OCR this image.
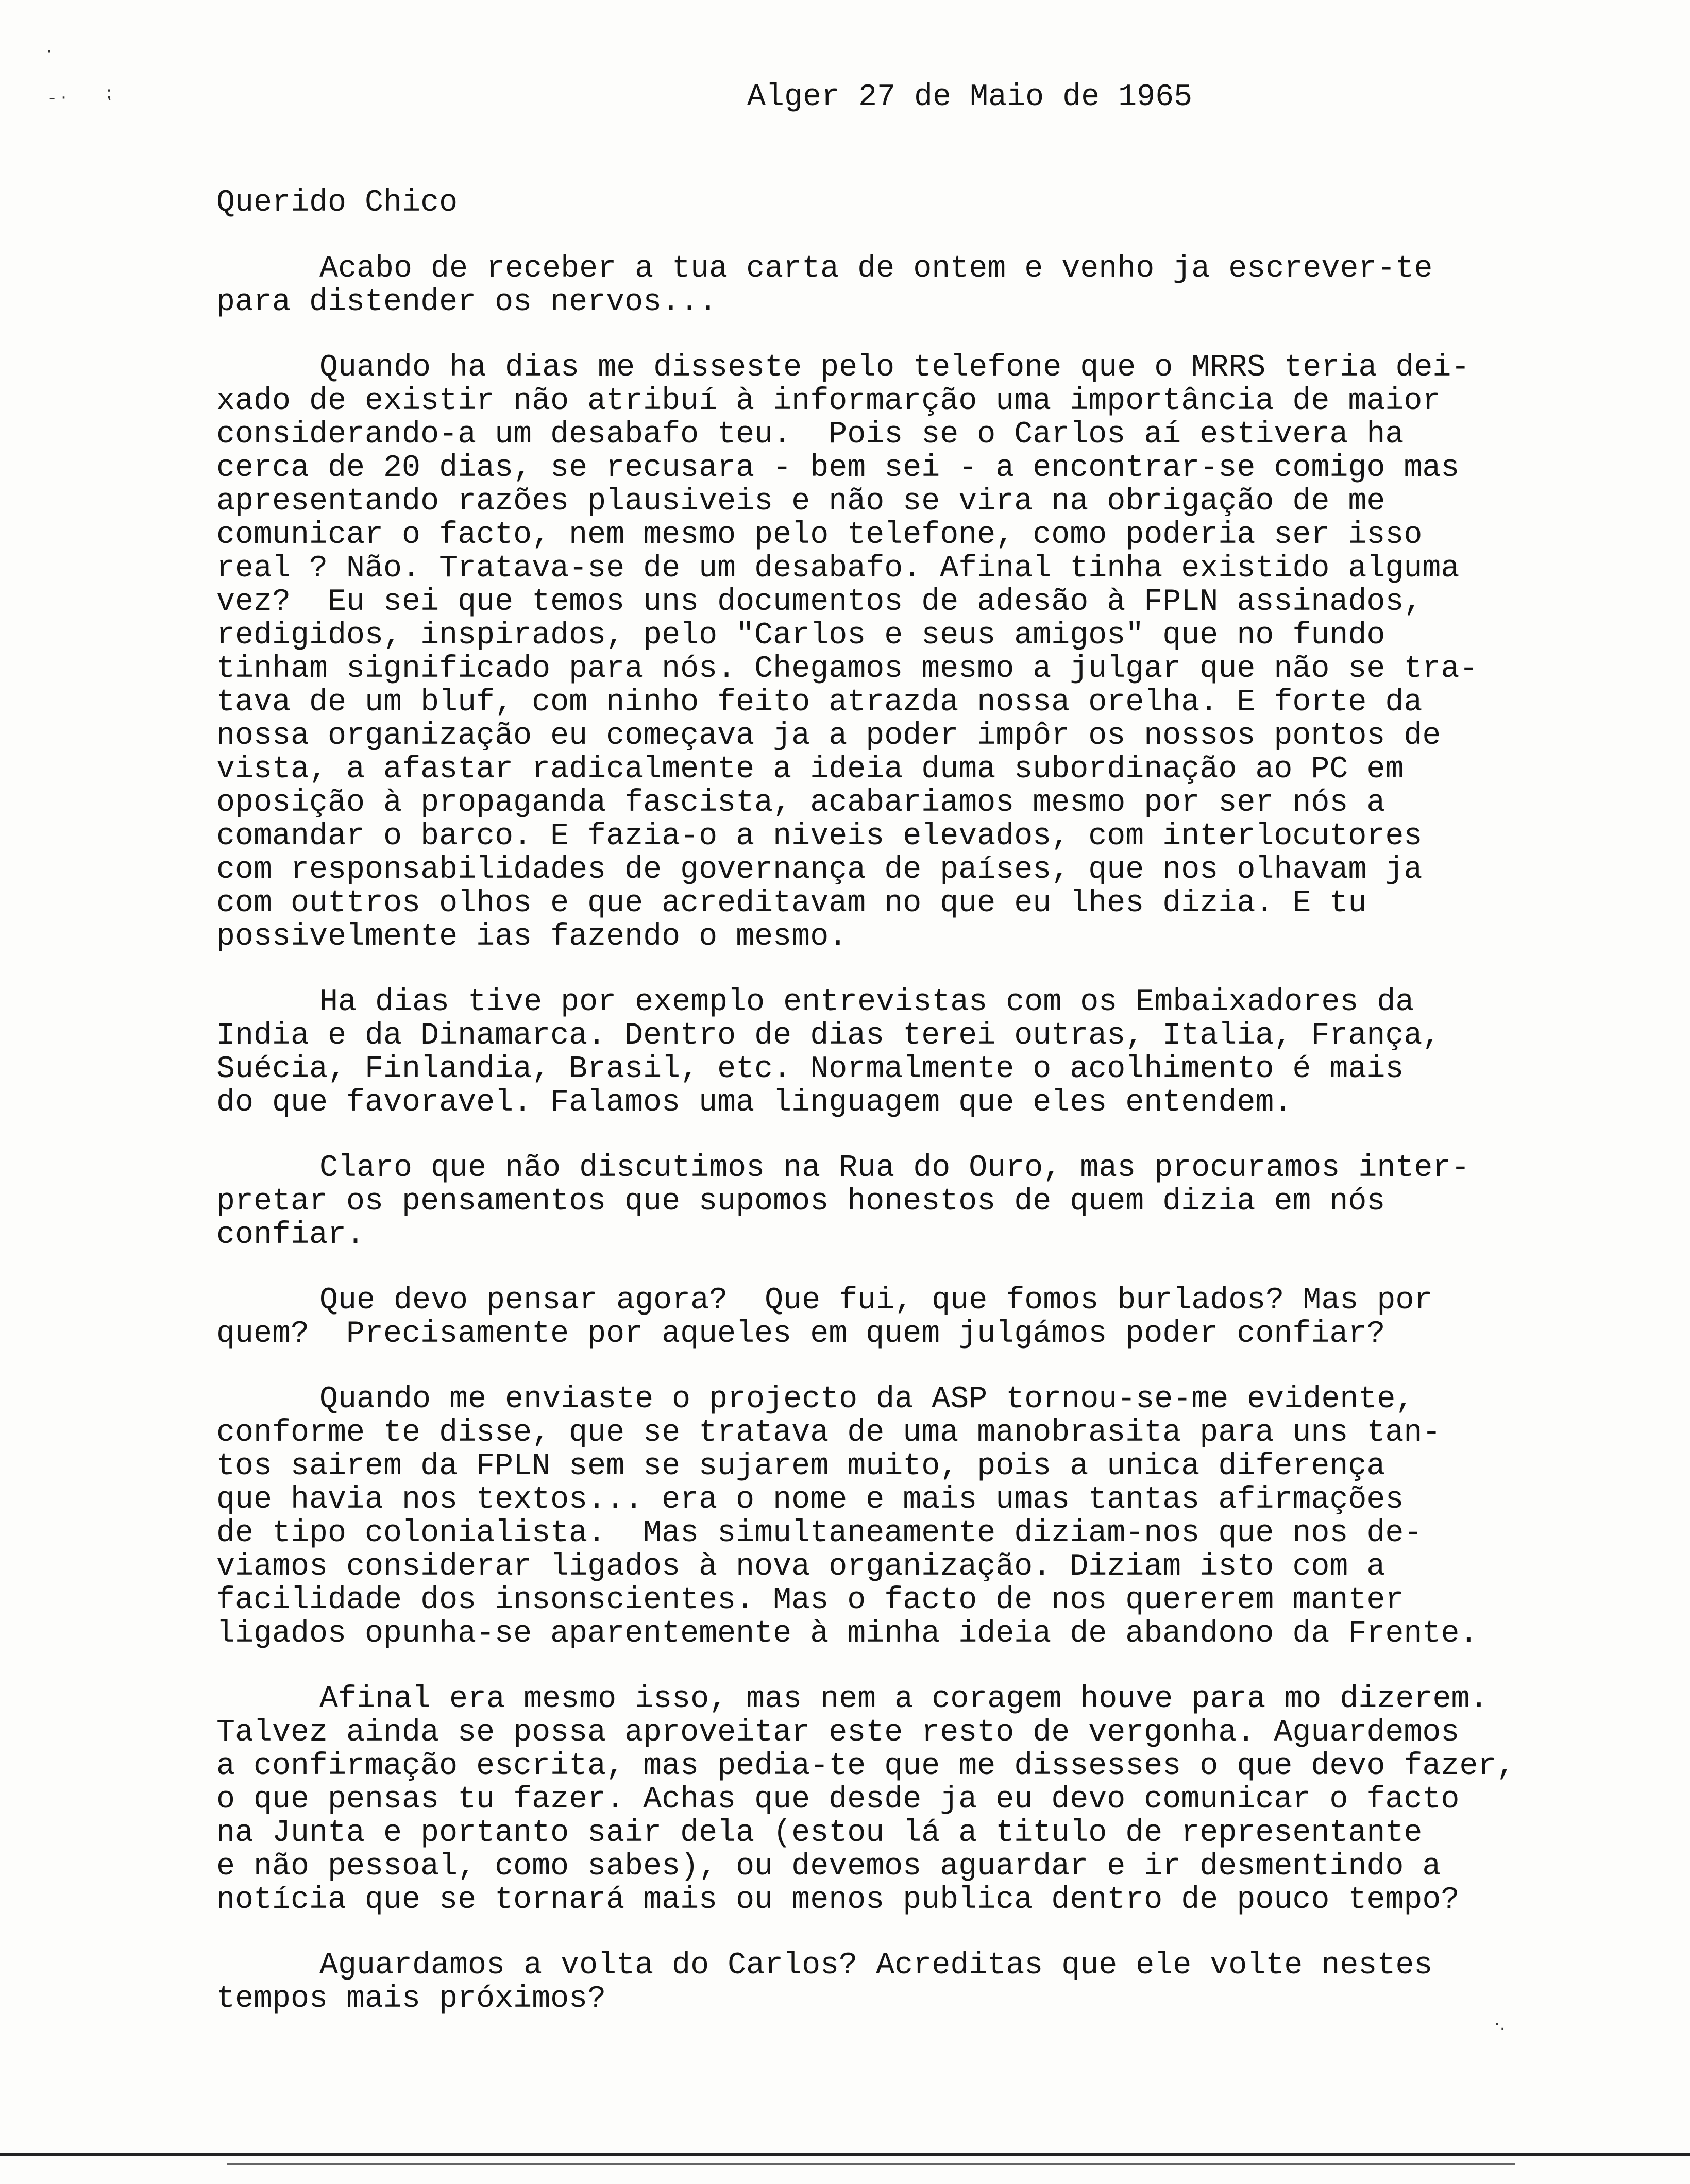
·
- · ⁏
·.
Alger 27 de Maio de 1965
Querido Chico
Acabo de receber a tua carta de ontem e venho ja escrever-te
para distender os nervos...
Quando ha dias me disseste pelo telefone que o MRRS teria dei-
xado de existir não atribuí à informarção uma importância de maior
considerando-a um desabafo teu.  Pois se o Carlos aí estivera ha
cerca de 20 dias, se recusara - bem sei - a encontrar-se comigo mas
apresentando razões plausiveis e não se vira na obrigação de me
comunicar o facto, nem mesmo pelo telefone, como poderia ser isso
real ? Não. Tratava-se de um desabafo. Afinal tinha existido alguma
vez?  Eu sei que temos uns documentos de adesão à FPLN assinados,
redigidos, inspirados, pelo "Carlos e seus amigos" que no fundo
tinham significado para nós. Chegamos mesmo a julgar que não se tra-
tava de um bluf, com ninho feito atrazda nossa orelha. E forte da
nossa organização eu começava ja a poder impôr os nossos pontos de
vista, a afastar radicalmente a ideia duma subordinação ao PC em
oposição à propaganda fascista, acabariamos mesmo por ser nós a
comandar o barco. E fazia-o a niveis elevados, com interlocutores
com responsabilidades de governança de países, que nos olhavam ja
com outtros olhos e que acreditavam no que eu lhes dizia. E tu
possivelmente ias fazendo o mesmo.
Ha dias tive por exemplo entrevistas com os Embaixadores da
India e da Dinamarca. Dentro de dias terei outras, Italia, França,
Suécia, Finlandia, Brasil, etc. Normalmente o acolhimento é mais
do que favoravel. Falamos uma linguagem que eles entendem.
Claro que não discutimos na Rua do Ouro, mas procuramos inter-
pretar os pensamentos que supomos honestos de quem dizia em nós
confiar.
Que devo pensar agora?  Que fui, que fomos burlados? Mas por
quem?  Precisamente por aqueles em quem julgámos poder confiar?
Quando me enviaste o projecto da ASP tornou-se-me evidente,
conforme te disse, que se tratava de uma manobrasita para uns tan-
tos sairem da FPLN sem se sujarem muito, pois a unica diferença
que havia nos textos... era o nome e mais umas tantas afirmações
de tipo colonialista.  Mas simultaneamente diziam-nos que nos de-
viamos considerar ligados à nova organização. Diziam isto com a
facilidade dos insonscientes. Mas o facto de nos quererem manter
ligados opunha-se aparentemente à minha ideia de abandono da Frente.
Afinal era mesmo isso, mas nem a coragem houve para mo dizerem.
Talvez ainda se possa aproveitar este resto de vergonha. Aguardemos
a confirmação escrita, mas pedia-te que me dissesses o que devo fazer,
o que pensas tu fazer. Achas que desde ja eu devo comunicar o facto
na Junta e portanto sair dela (estou lá a titulo de representante
e não pessoal, como sabes), ou devemos aguardar e ir desmentindo a
notícia que se tornará mais ou menos publica dentro de pouco tempo?
Aguardamos a volta do Carlos? Acreditas que ele volte nestes
tempos mais próximos?
